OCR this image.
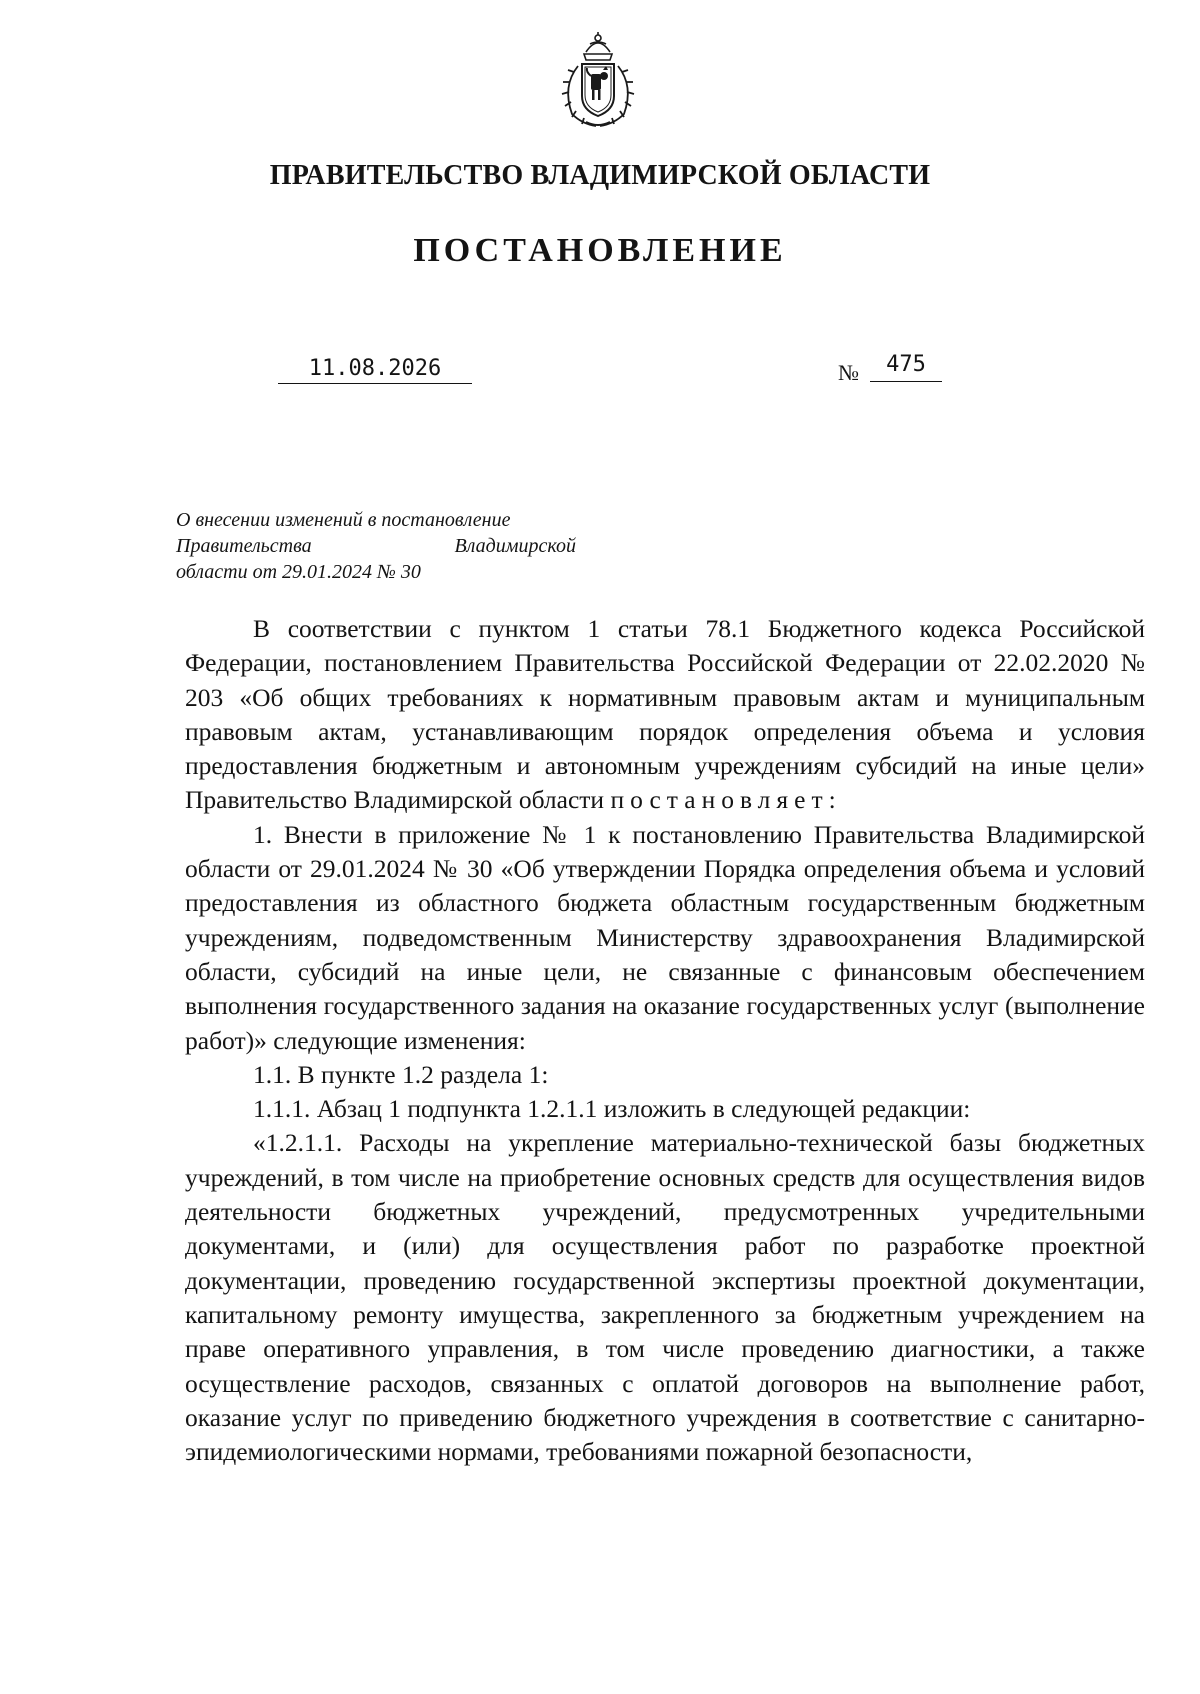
ПРАВИТЕЛЬСТВО ВЛАДИМИРСКОЙ ОБЛАСТИ
ПОСТАНОВЛЕНИЕ
11.08.2026	№	475
О внесении изменений в постановление
Правительства Владимирской
области от 29.01.2024 № 30

В соответствии с пунктом 1 статьи 78.1 Бюджетного кодекса Российской Федерации, постановлением Правительства Российской Федерации от 22.02.2020 № 203 «Об общих требованиях к нормативным правовым актам и муниципальным правовым актам, устанавливающим порядок определения объема и условия предоставления бюджетным и автономным учреждениям субсидий на иные цели» Правительство Владимирской области постановляет:

1. Внести в приложение № 1 к постановлению Правительства Владимирской области от 29.01.2024 № 30 «Об утверждении Порядка определения объема и условий предоставления из областного бюджета областным государственным бюджетным учреждениям, подведомственным Министерству здравоохранения Владимирской области, субсидий на иные цели, не связанные с финансовым обеспечением выполнения государственного задания на оказание государственных услуг (выполнение работ)» следующие изменения:

1.1. В пункте 1.2 раздела 1:

1.1.1. Абзац 1 подпункта 1.2.1.1 изложить в следующей редакции:

«1.2.1.1. Расходы на укрепление материально-технической базы бюджетных учреждений, в том числе на приобретение основных средств для осуществления видов деятельности бюджетных учреждений, предусмотренных учредительными документами, и (или) для осуществления работ по разработке проектной документации, проведению государственной экспертизы проектной документации, капитальному ремонту имущества, закрепленного за бюджетным учреждением на праве оперативного управления, в том числе проведению диагностики, а также осуществление расходов, связанных с оплатой договоров на выполнение работ, оказание услуг по приведению бюджетного учреждения в соответствие с санитарно-эпидемиологическими нормами, требованиями пожарной безопасности,
